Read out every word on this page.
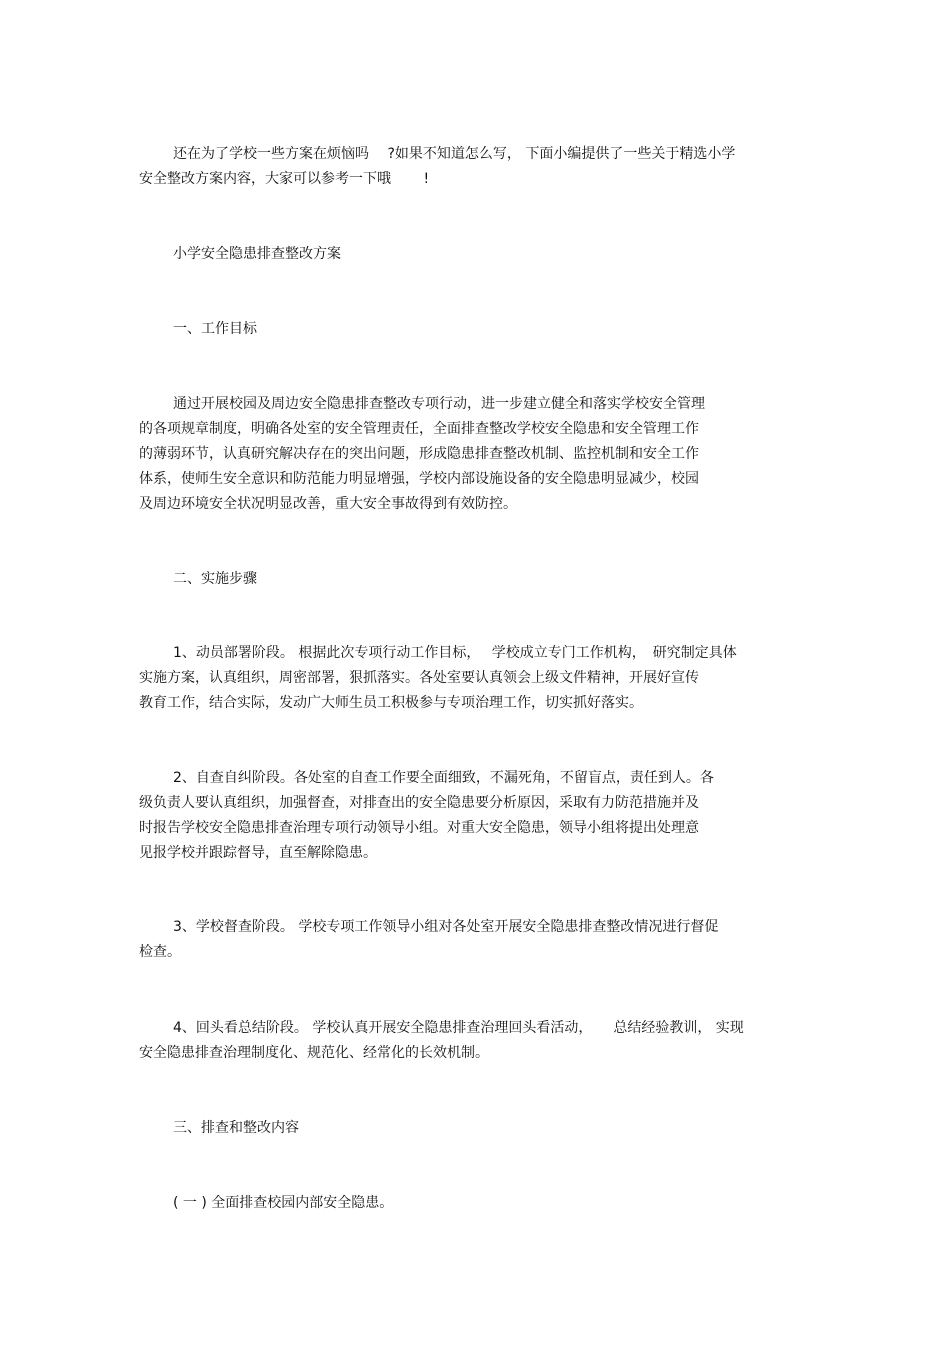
还在为了学校一些方案在烦恼吗　 ?如果不知道怎么写， 下面小编提供了一些关于精选小学
安全整改方案内容，大家可以参考一下哦　　 !
小学安全隐患排查整改方案
一、工作目标
通过开展校园及周边安全隐患排查整改专项行动，进一步建立健全和落实学校安全管理
的各项规章制度，明确各处室的安全管理责任，全面排查整改学校安全隐患和安全管理工作
的薄弱环节，认真研究解决存在的突出问题，形成隐患排查整改机制、监控机制和安全工作
体系，使师生安全意识和防范能力明显增强，学校内部设施设备的安全隐患明显减少，校园
及周边环境安全状况明显改善，重大安全事故得到有效防控。
二、实施步骤
1、动员部署阶段。 根据此次专项行动工作目标，　 学校成立专门工作机构，　研究制定具体
实施方案，认真组织，周密部署，狠抓落实。各处室要认真领会上级文件精神，开展好宣传
教育工作，结合实际，发动广大师生员工积极参与专项治理工作，切实抓好落实。
2、自查自纠阶段。各处室的自查工作要全面细致，不漏死角，不留盲点，责任到人。各
级负责人要认真组织，加强督查，对排查出的安全隐患要分析原因，采取有力防范措施并及
时报告学校安全隐患排查治理专项行动领导小组。对重大安全隐患，领导小组将提出处理意
见报学校并跟踪督导，直至解除隐患。
3、学校督查阶段。 学校专项工作领导小组对各处室开展安全隐患排查整改情况进行督促
检查。
4、回头看总结阶段。 学校认真开展安全隐患排查治理回头看活动，　　总结经验教训， 实现
安全隐患排查治理制度化、规范化、经常化的长效机制。
三、排查和整改内容
( 一 ) 全面排查校园内部安全隐患。
